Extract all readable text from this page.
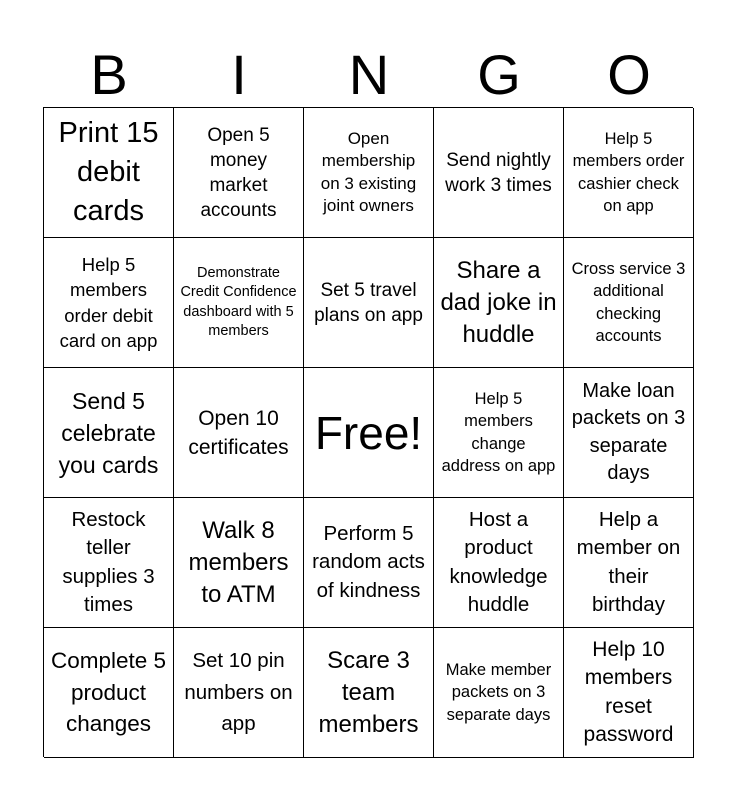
B	I	N	G	O
Print 15 debit cards
Open 5 money market accounts
Open membership on 3 existing joint owners
Send nightly work 3 times
Help 5 members order cashier check on app
Help 5 members order debit card on app
Demonstrate Credit Confidence dashboard with 5 members
Set 5 travel plans on app
Share a dad joke in huddle
Cross service 3 additional checking accounts
Send 5 celebrate you cards
Open 10 certificates Free!
Help 5 members change address on app
Make loan packets on 3 separate days
Restock teller supplies 3 times
Walk 8 members to ATM
Perform 5 random acts of kindness
Host a product knowledge huddle
Help a member on their birthday
Complete 5 product changes
Set 10 pin numbers on app
Scare 3 team members
Make member packets on 3 separate days
Help 10 members reset password
